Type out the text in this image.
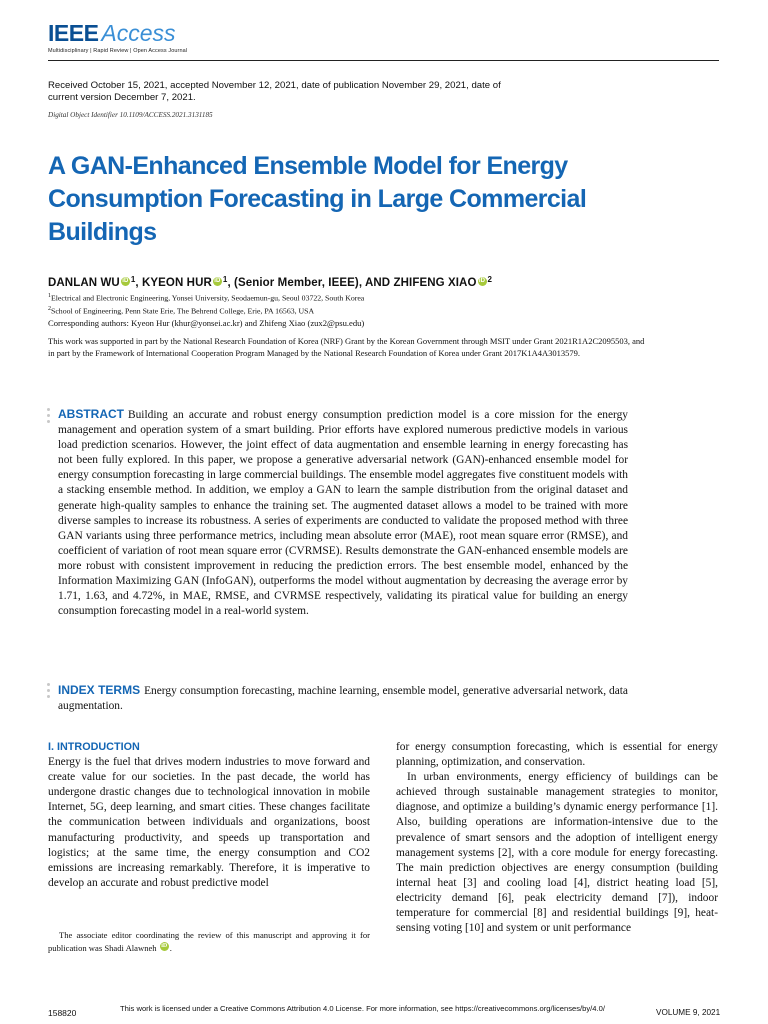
IEEE Access
Multidisciplinary | Rapid Review | Open Access Journal
Received October 15, 2021, accepted November 12, 2021, date of publication November 29, 2021, date of current version December 7, 2021.
Digital Object Identifier 10.1109/ACCESS.2021.3131185
A GAN-Enhanced Ensemble Model for Energy Consumption Forecasting in Large Commercial Buildings
DANLAN WU iD $^1$, KYEON HUR iD $^1$, (Senior Member, IEEE), AND ZHIFENG XIAO iD $^2$
$^1$Electrical and Electronic Engineering, Yonsei University, Seodaemun-gu, Seoul 03722, South Korea
$^2$School of Engineering, Penn State Erie, The Behrend College, Erie, PA 16563, USA
Corresponding authors: Kyeon Hur (khur@yonsei.ac.kr) and Zhifeng Xiao (zux2@psu.edu)
This work was supported in part by the National Research Foundation of Korea (NRF) Grant by the Korean Government through MSIT under Grant 2021R1A2C2095503, and in part by the Framework of International Cooperation Program Managed by the National Research Foundation of Korea under Grant 2017K1A4A3013579.
ABSTRACT Building an accurate and robust energy consumption prediction model is a core mission for the energy management and operation system of a smart building. Prior efforts have explored numerous predictive models in various load prediction scenarios. However, the joint effect of data augmentation and ensemble learning in energy forecasting has not been fully explored. In this paper, we propose a generative adversarial network (GAN)-enhanced ensemble model for energy consumption forecasting in large commercial buildings. The ensemble model aggregates five constituent models with a stacking ensemble method. In addition, we employ a GAN to learn the sample distribution from the original dataset and generate high-quality samples to enhance the training set. The augmented dataset allows a model to be trained with more diverse samples to increase its robustness. A series of experiments are conducted to validate the proposed method with three GAN variants using three performance metrics, including mean absolute error (MAE), root mean square error (RMSE), and coefficient of variation of root mean square error (CVRMSE). Results demonstrate the GAN-enhanced ensemble models are more robust with consistent improvement in reducing the prediction errors. The best ensemble model, enhanced by the Information Maximizing GAN (InfoGAN), outperforms the model without augmentation by decreasing the average error by 1.71, 1.63, and 4.72%, in MAE, RMSE, and CVRMSE respectively, validating its piratical value for building an energy consumption forecasting model in a real-world system.
INDEX TERMS Energy consumption forecasting, machine learning, ensemble model, generative adversarial network, data augmentation.
I. INTRODUCTION
Energy is the fuel that drives modern industries to move forward and create value for our societies. In the past decade, the world has undergone drastic changes due to technological innovation in mobile Internet, 5G, deep learning, and smart cities. These changes facilitate the communication between individuals and organizations, boost manufacturing productivity, and speeds up transportation and logistics; at the same time, the energy consumption and CO2 emissions are increasing remarkably. Therefore, it is imperative to develop an accurate and robust predictive model
The associate editor coordinating the review of this manuscript and approving it for publication was Shadi Alawneh iD .
for energy consumption forecasting, which is essential for energy planning, optimization, and conservation.
In urban environments, energy efficiency of buildings can be achieved through sustainable management strategies to monitor, diagnose, and optimize a building’s dynamic energy performance [1]. Also, building operations are information-intensive due to the prevalence of smart sensors and the adoption of intelligent energy management systems [2], with a core module for energy forecasting. The main prediction objectives are energy consumption (building internal heat [3] and cooling load [4], district heating load [5], electricity demand [6], peak electricity demand [7]), indoor temperature for commercial [8] and residential buildings [9], heat-sensing voting [10] and system or unit performance
158820	This work is licensed under a Creative Commons Attribution 4.0 License. For more information, see https://creativecommons.org/licenses/by/4.0/	VOLUME 9, 2021
